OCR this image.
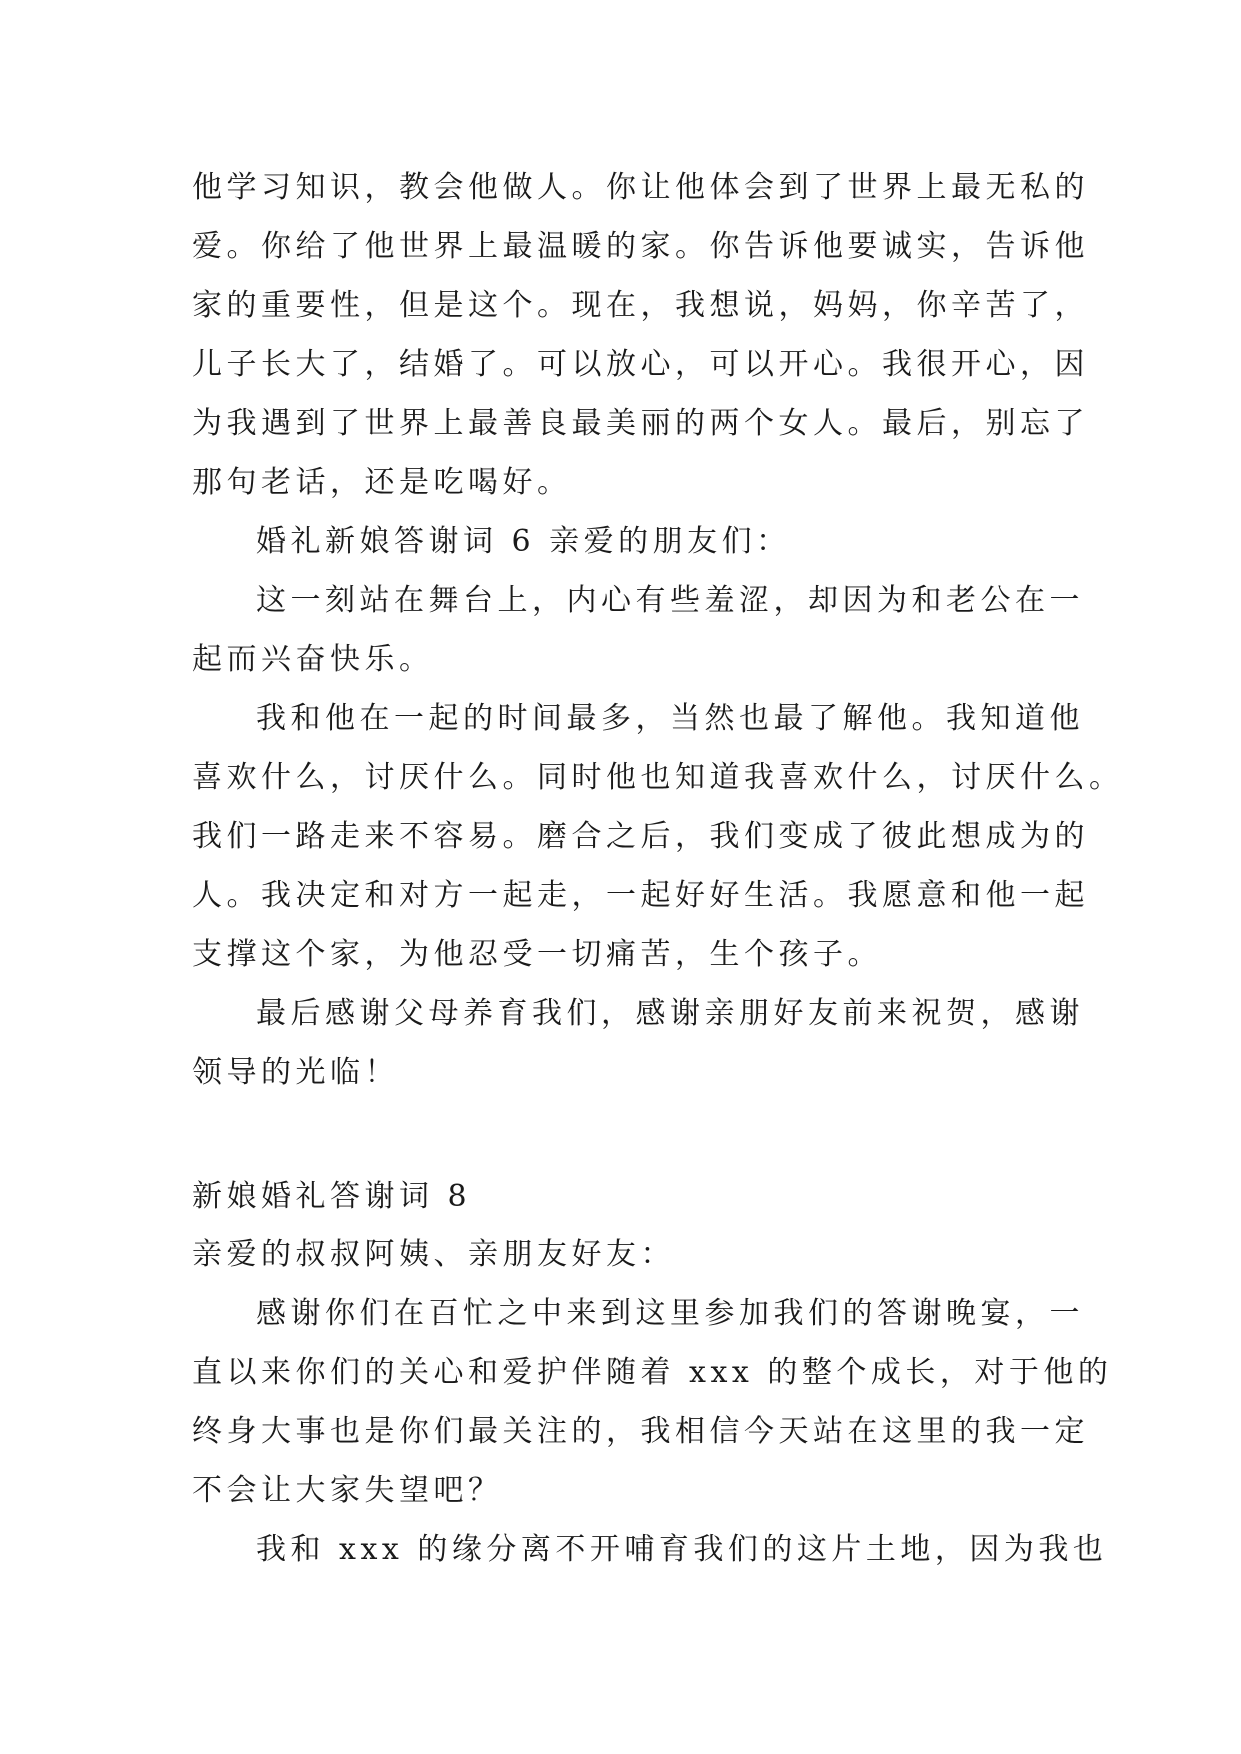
他学习知识，教会他做人。你让他体会到了世界上最无私的
爱。你给了他世界上最温暖的家。你告诉他要诚实，告诉他
家的重要性，但是这个。现在，我想说，妈妈，你辛苦了，
儿子长大了，结婚了。可以放心，可以开心。我很开心，因
为我遇到了世界上最善良最美丽的两个女人。最后，别忘了
那句老话，还是吃喝好。
婚礼新娘答谢词 6 亲爱的朋友们：
这一刻站在舞台上，内心有些羞涩，却因为和老公在一
起而兴奋快乐。
我和他在一起的时间最多，当然也最了解他。我知道他
喜欢什么，讨厌什么。同时他也知道我喜欢什么，讨厌什么。
我们一路走来不容易。磨合之后，我们变成了彼此想成为的
人。我决定和对方一起走，一起好好生活。我愿意和他一起
支撑这个家，为他忍受一切痛苦，生个孩子。
最后感谢父母养育我们，感谢亲朋好友前来祝贺，感谢
领导的光临！
新娘婚礼答谢词 8
亲爱的叔叔阿姨、亲朋友好友：
感谢你们在百忙之中来到这里参加我们的答谢晚宴，一
直以来你们的关心和爱护伴随着 xxx 的整个成长，对于他的
终身大事也是你们最关注的，我相信今天站在这里的我一定
不会让大家失望吧？
我和 xxx 的缘分离不开哺育我们的这片土地，因为我也
